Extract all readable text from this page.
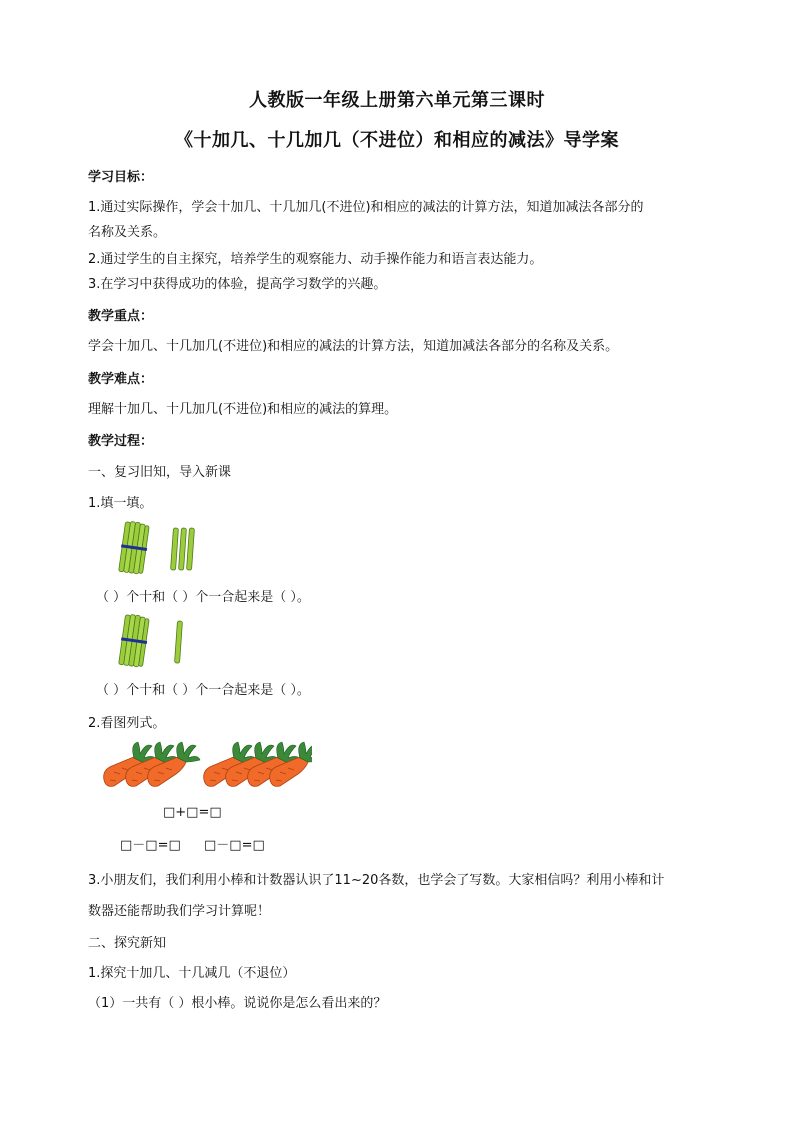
人教版一年级上册第六单元第三课时
《十加几、十几加几（不进位）和相应的减法》导学案
学习目标：
1.通过实际操作，学会十加几、十几加几(不进位)和相应的减法的计算方法，知道加减法各部分的
名称及关系。
2.通过学生的自主探究，培养学生的观察能力、动手操作能力和语言表达能力。
3.在学习中获得成功的体验，提高学习数学的兴趣。
教学重点：
学会十加几、十几加几(不进位)和相应的减法的计算方法，知道加减法各部分的名称及关系。
教学难点：
理解十加几、十几加几(不进位)和相应的减法的算理。
教学过程：
一、复习旧知，导入新课
1.填一填。
（ ）个十和（ ）个一合起来是（ ）。
（ ）个十和（ ）个一合起来是（ ）。
2.看图列式。
□+□=□
□－□=□ □－□=□
3.小朋友们，我们利用小棒和计数器认识了11~20各数，也学会了写数。大家相信吗？利用小棒和计
数器还能帮助我们学习计算呢！
二、探究新知
1.探究十加几、十几减几（不退位）
（1）一共有（ ）根小棒。说说你是怎么看出来的？
